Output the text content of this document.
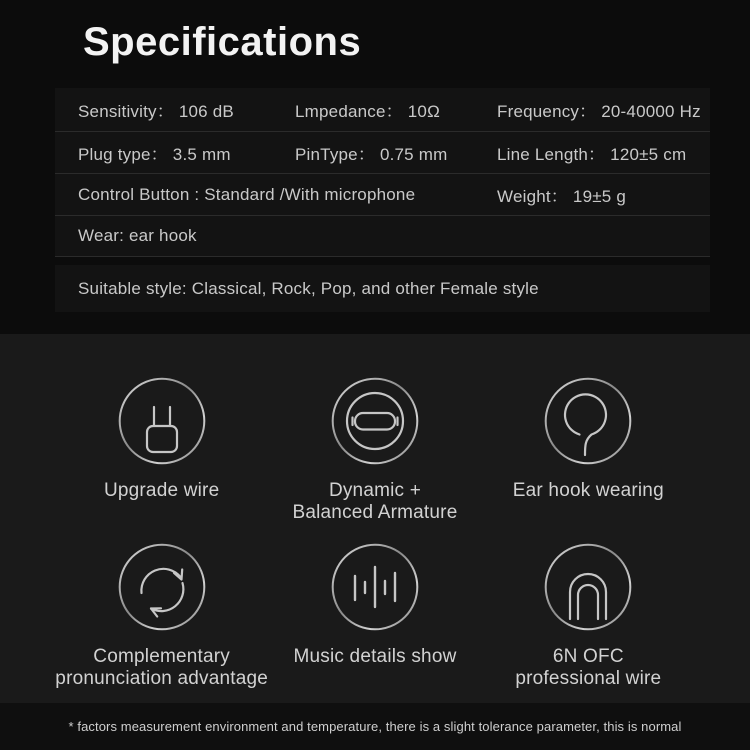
Specifications
Sensitivity： 106 dB	Lmpedance： 10Ω	Frequency： 20-40000 Hz
Plug type： 3.5 mm	PinType： 0.75 mm	Line Length： 120±5 cm
Control Button : Standard /With microphone	Weight： 19±5 g
Wear: ear hook
Suitable style: Classical, Rock, Pop, and other Female style
Upgrade wire	Dynamic +
Balanced Armature
Ear hook wearing
Complementary
pronunciation advantage
Music details show	6N OFC
professional wire
* factors measurement environment and temperature, there is a slight tolerance parameter, this is normal
